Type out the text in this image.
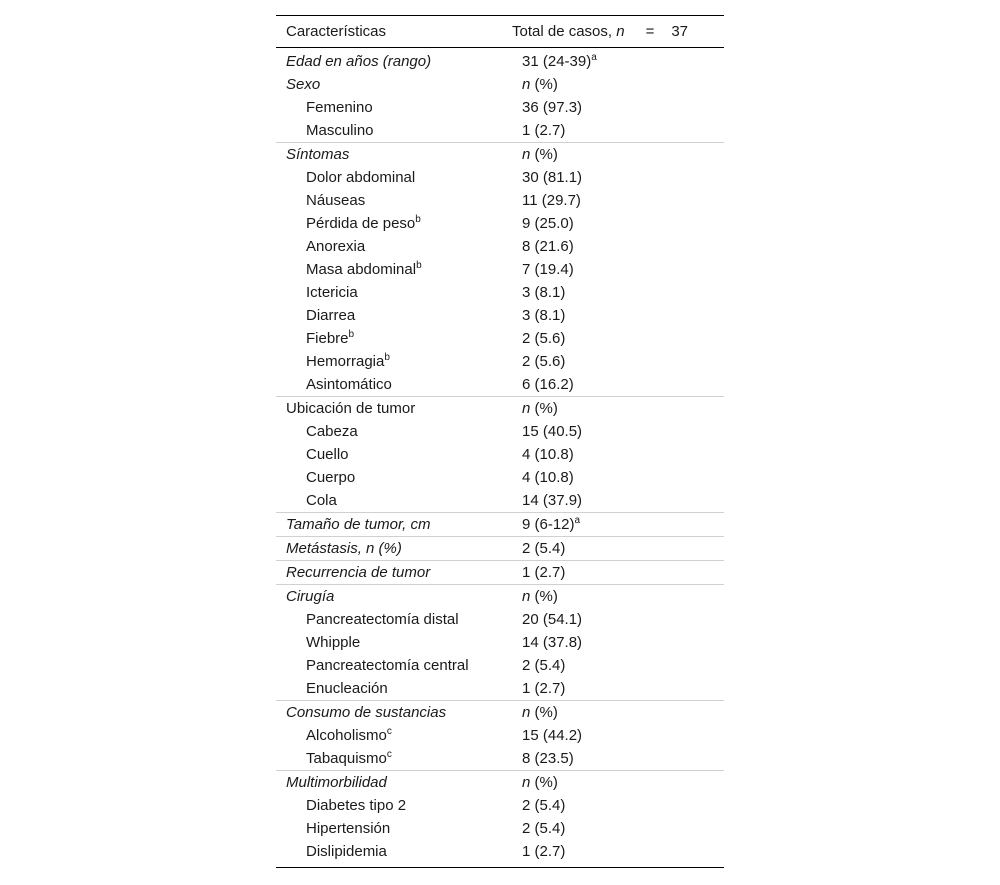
Características	Total de casos, n = 37
Edad en años (rango)	31 $(24-39)^a$
Sexo	n (%)
Femenino	36 (97.3)
Masculino	1 (2.7)
Síntomas	n (%)
Dolor abdominal	30 (81.1)
Náuseas	11 (29.7)
Pérdida de peso$^b$	9 (25.0)
Anorexia	8 (21.6)
Masa abdominal$^b$	7 (19.4)
Ictericia	3 (8.1)
Diarrea	3 (8.1)
Fiebre$^b$	2 (5.6)
Hemorragia$^b$	2 (5.6)
Asintomático	6 (16.2)
Ubicación de tumor	n (%)
Cabeza	15 (40.5)
Cuello	4 (10.8)
Cuerpo	4 (10.8)
Cola	14 (37.9)
Tamaño de tumor, cm	9 $(6-12)^a$
Metástasis, n (%)	2 (5.4)
Recurrencia de tumor	1 (2.7)
Cirugía	n (%)
Pancreatectomía distal	20 (54.1)
Whipple	14 (37.8)
Pancreatectomía central	2 (5.4)
Enucleación	1 (2.7)
Consumo de sustancias	n (%)
Alcoholismo$^c$	15 (44.2)
Tabaquismo$^c$	8 (23.5)
Multimorbilidad	n (%)
Diabetes tipo 2	2 (5.4)
Hipertensión	2 (5.4)
Dislipidemia	1 (2.7)
